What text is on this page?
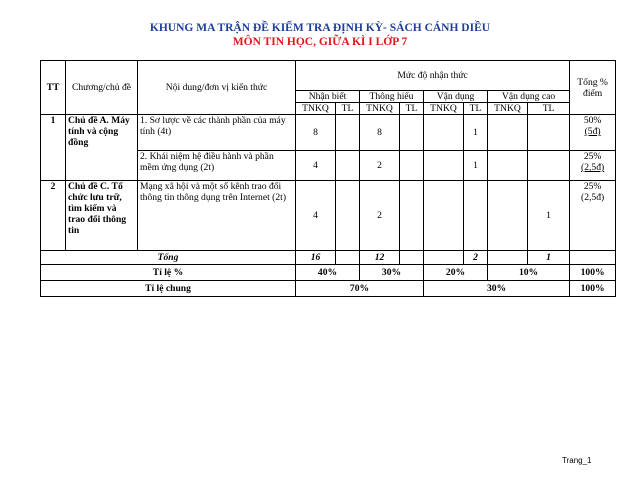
KHUNG MA TRẬN ĐỀ KIỂM TRA ĐỊNH KỲ- SÁCH CÁNH DIỀU
MÔN TIN HỌC, GIỮA KÌ I LỚP 7
TT	Chương/chủ đề	Nội dung/đơn vị kiến thức	Mức độ nhận thức								Tổng % điểm
			Nhận biết		Thông hiểu		Vận dụng		Vận dụng cao		
			TNKQ	TL	TNKQ	TL	TNKQ	TL	TNKQ	TL	
1	Chủ đề A. Máy tính và cộng đồng	1. Sơ lược về các thành phần của máy tính (4t)	8		8			1			50%
(5đ)

		2. Khái niệm hệ điều hành và phần mềm ứng dụng (2t)	4		2			1			25%
(2,5đ)

2	Chủ đề C. Tổ chức lưu trữ, tìm kiếm và trao đổi thông tin	Mạng xã hội và một số kênh trao đổi thông tin thông dụng trên Internet (2t)	4		2					1	25%
(2,5đ)

Tổng			16		12			2		1	
Tỉ lệ %			40%		30%		20%		10%		100%
Tỉ lệ chung			70%				30%				100%
Trang_1
